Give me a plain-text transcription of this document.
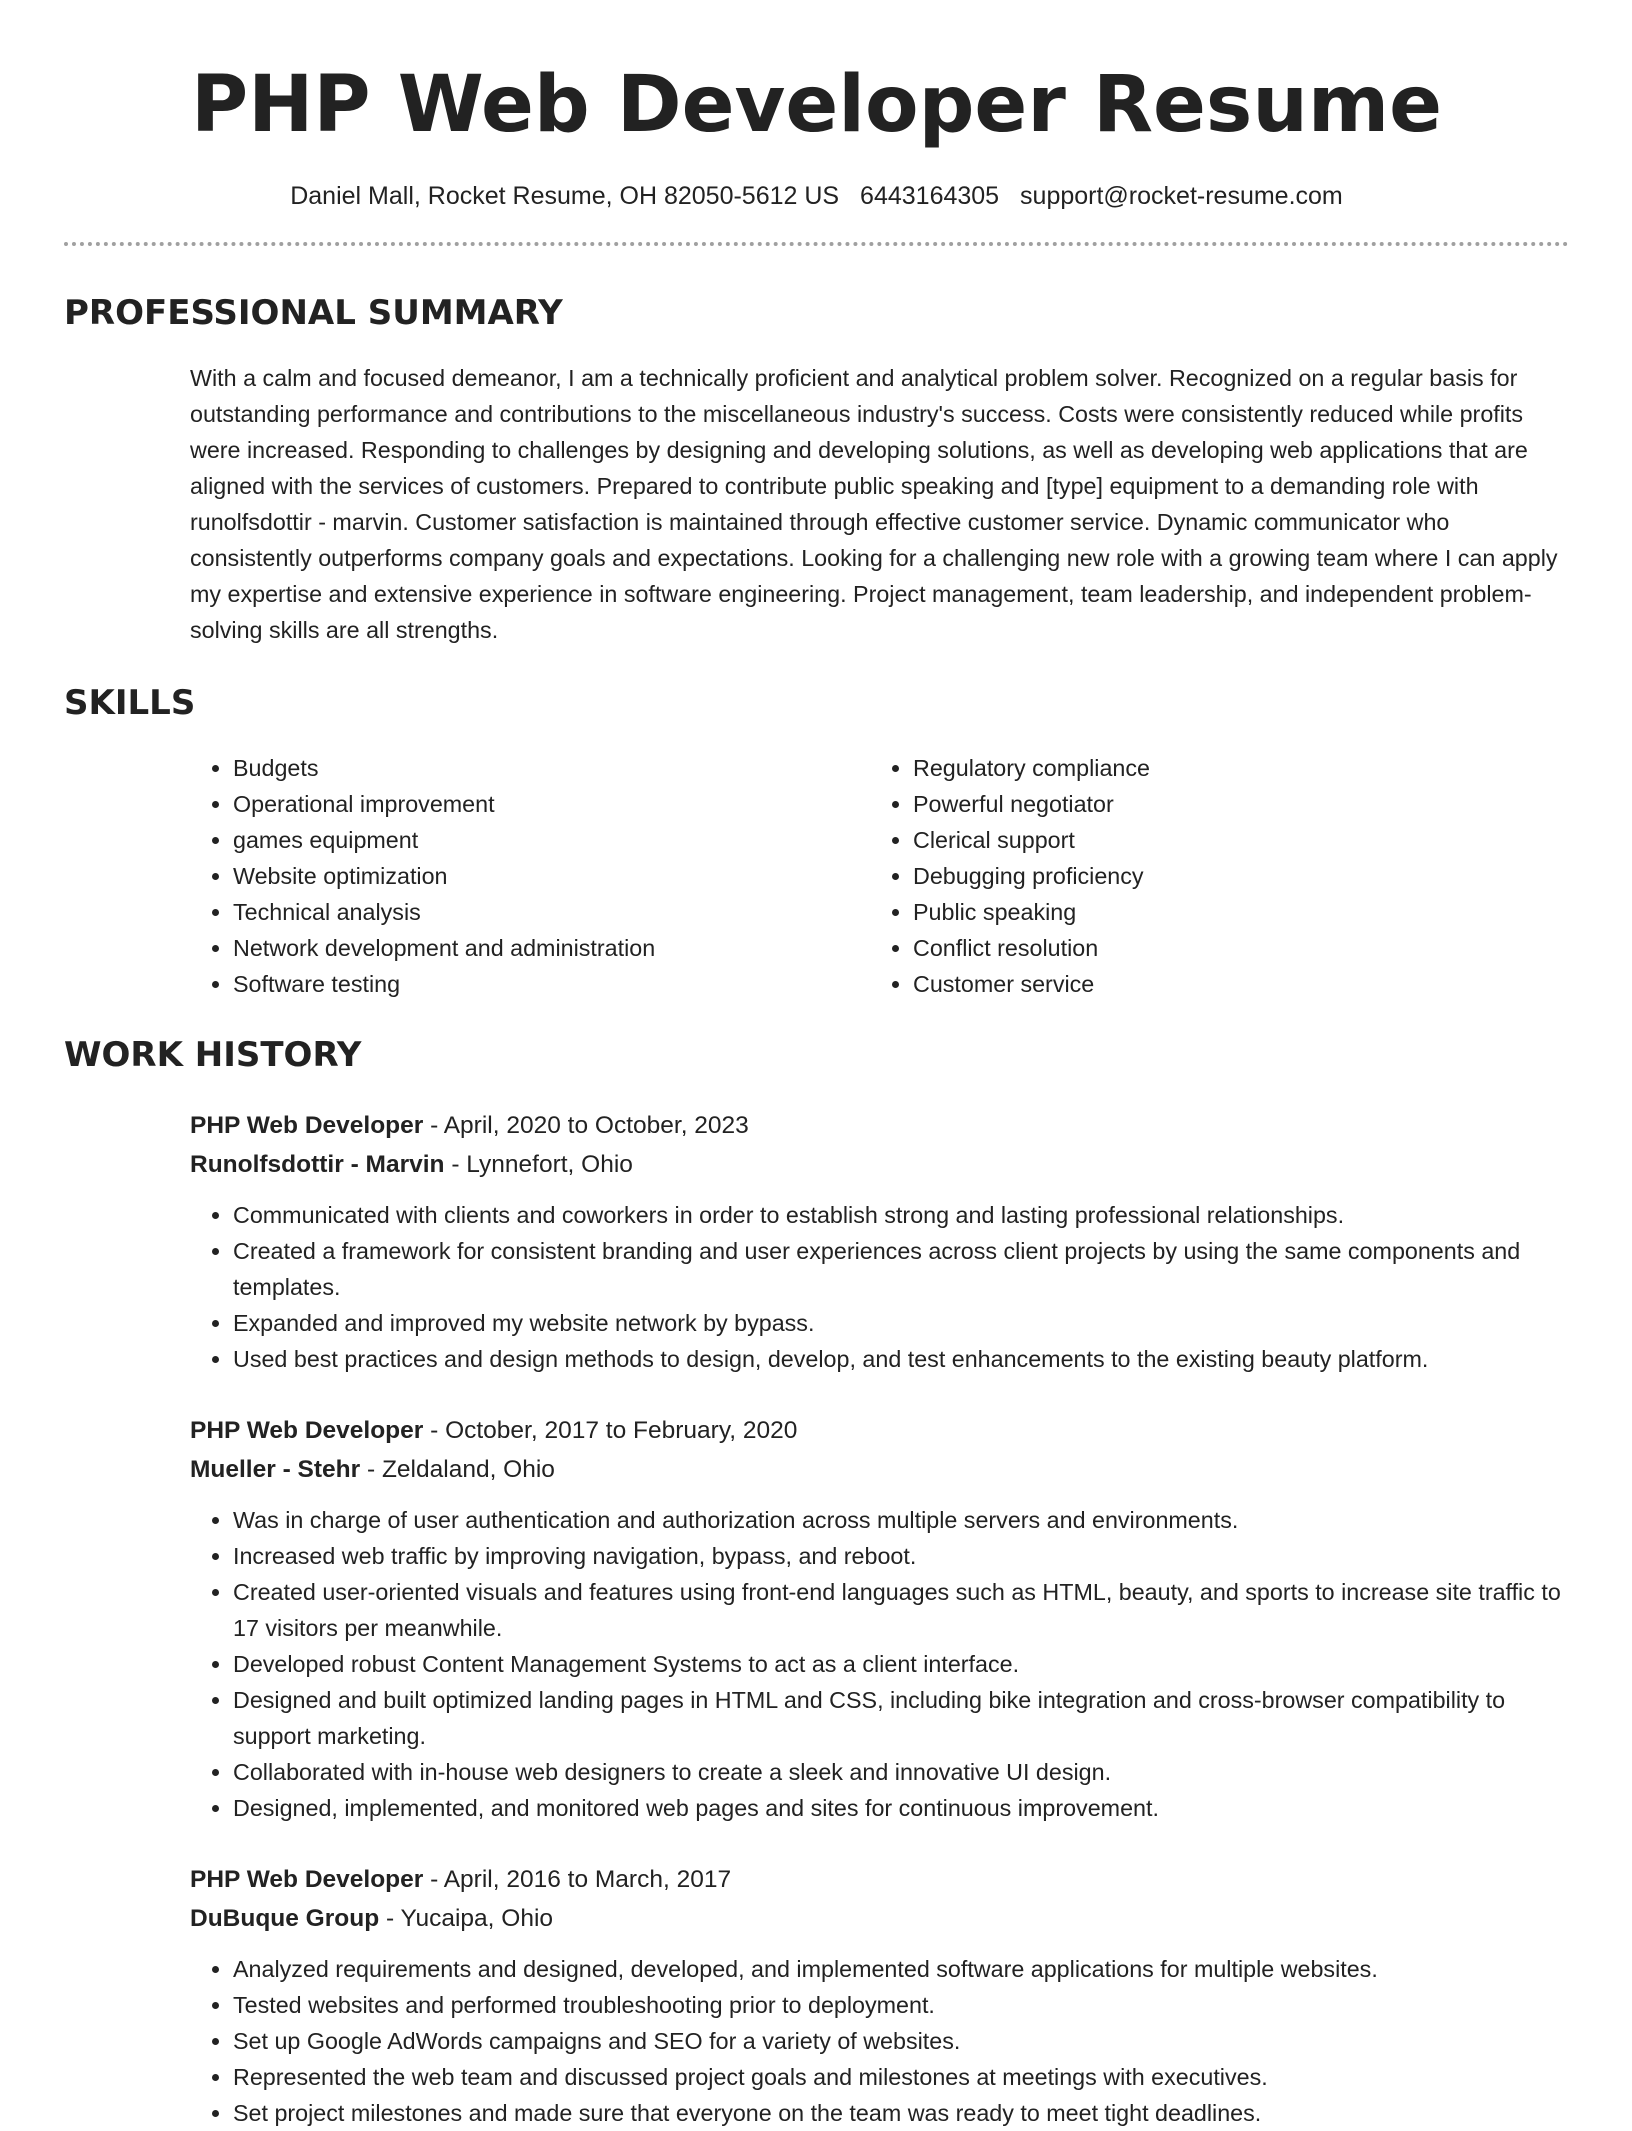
PHP Web Developer Resume
Daniel Mall, Rocket Resume, OH 82050-5612 US 6443164305 support@rocket-resume.com
PROFESSIONAL SUMMARY

With a calm and focused demeanor, I am a technically proficient and analytical problem solver. Recognized on a regular basis for outstanding performance and contributions to the miscellaneous industry's success. Costs were consistently reduced while profits were increased. Responding to challenges by designing and developing solutions, as well as developing web applications that are aligned with the services of customers. Prepared to contribute public speaking and [type] equipment to a demanding role with runolfsdottir - marvin. Customer satisfaction is maintained through effective customer service. Dynamic communicator who consistently outperforms company goals and expectations. Looking for a challenging new role with a growing team where I can apply my expertise and extensive experience in software engineering. Project management, team leadership, and independent problem-solving skills are all strengths.

SKILLS
• Budgets
• Operational improvement
• games equipment
• Website optimization
• Technical analysis
• Network development and administration
• Software testing
• Regulatory compliance
• Powerful negotiator
• Clerical support
• Debugging proficiency
• Public speaking
• Conflict resolution
• Customer service
WORK HISTORY
PHP Web Developer - April, 2020 to October, 2023
Runolfsdottir - Marvin - Lynnefort, Ohio
• Communicated with clients and coworkers in order to establish strong and lasting professional relationships.
• Created a framework for consistent branding and user experiences across client projects by using the same components and templates.
• Expanded and improved my website network by bypass.
• Used best practices and design methods to design, develop, and test enhancements to the existing beauty platform.
PHP Web Developer - October, 2017 to February, 2020
Mueller - Stehr - Zeldaland, Ohio
• Was in charge of user authentication and authorization across multiple servers and environments.
• Increased web traffic by improving navigation, bypass, and reboot.
• Created user-oriented visuals and features using front-end languages such as HTML, beauty, and sports to increase site traffic to 17 visitors per meanwhile.
• Developed robust Content Management Systems to act as a client interface.
• Designed and built optimized landing pages in HTML and CSS, including bike integration and cross-browser compatibility to support marketing.
• Collaborated with in-house web designers to create a sleek and innovative UI design.
• Designed, implemented, and monitored web pages and sites for continuous improvement.
PHP Web Developer - April, 2016 to March, 2017
DuBuque Group - Yucaipa, Ohio
• Analyzed requirements and designed, developed, and implemented software applications for multiple websites.
• Tested websites and performed troubleshooting prior to deployment.
• Set up Google AdWords campaigns and SEO for a variety of websites.
• Represented the web team and discussed project goals and milestones at meetings with executives.
• Set project milestones and made sure that everyone on the team was ready to meet tight deadlines.
